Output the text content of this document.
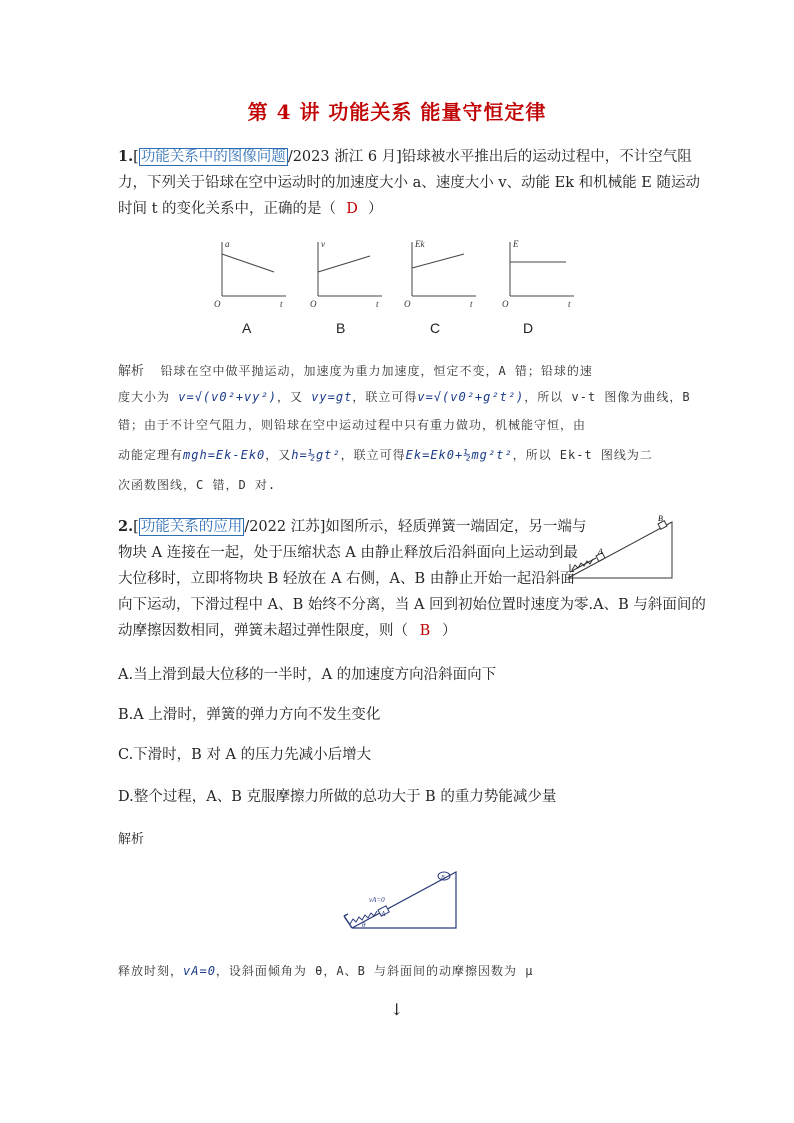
第 4 讲 功能关系 能量守恒定律
1.[ 功能关系中的图像问题 /2023 浙江 6 月]铅球被水平推出后的运动过程中，不计空气阻
力，下列关于铅球在空中运动时的加速度大小 a、速度大小 v、动能 Ek 和机械能 E 随运动
时间 t 的变化关系中，正确的是（ D ）
a
t
O
v
t
O
Ek
t
O
E
t
O
A	B	C	D
解析 铅球在空中做平抛运动，加速度为重力加速度，恒定不变，A 错；铅球的速
度大小为 v=√(v0²+vy²)，又 vy=gt，联立可得v=√(v0²+g²t²)，所以 v-t 图像为曲线，B
错；由于不计空气阻力，则铅球在空中运动过程中只有重力做功，机械能守恒，由
动能定理有mgh=Ek-Ek0，又h=½gt²，联立可得Ek=Ek0+½mg²t²，所以 Ek-t 图线为二
次函数图线，C 错，D 对.
2.[ 功能关系的应用 /2022 江苏]如图所示，轻质弹簧一端固定，另一端与
物块 A 连接在一起，处于压缩状态 A 由静止释放后沿斜面向上运动到最
大位移时，立即将物块 B 轻放在 A 右侧，A、B 由静止开始一起沿斜面
向下运动，下滑过程中 A、B 始终不分离，当 A 回到初始位置时速度为零.A、B 与斜面间的
动摩擦因数相同，弹簧未超过弹性限度，则（ B ）
A
B
A.当上滑到最大位移的一半时，A 的加速度方向沿斜面向下
B.A 上滑时，弹簧的弹力方向不发生变化
C.下滑时，B 对 A 的压力先减小后增大
D.整个过程，A、B 克服摩擦力所做的总功大于 B 的重力势能减少量
解析
vA=0
A
B
θ
释放时刻，vA=0，设斜面倾角为 θ，A、B 与斜面间的动摩擦因数为 μ
↓
